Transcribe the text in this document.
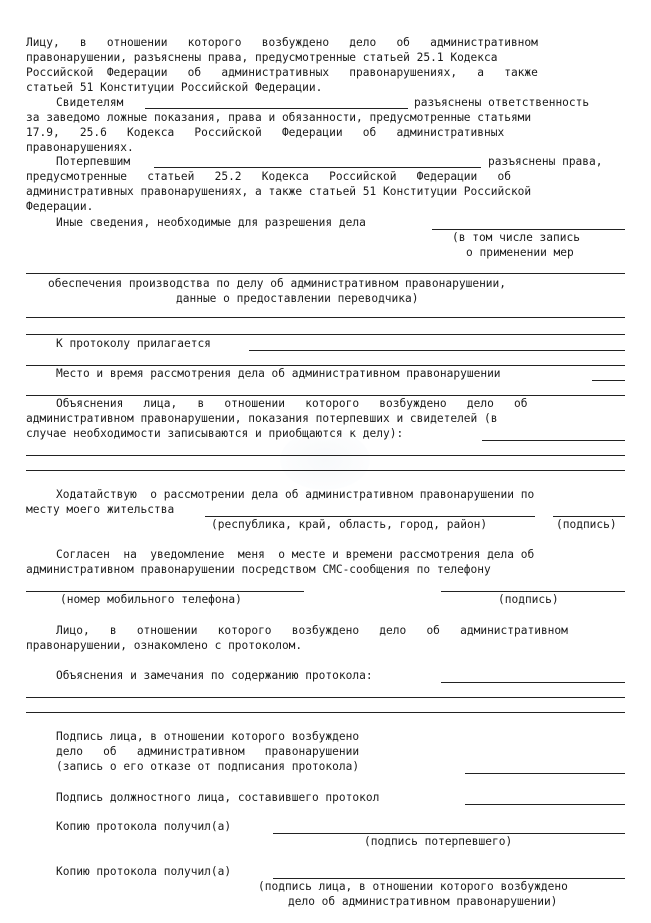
Лицу,   в   отношении   которого   возбуждено   дело   об   административном
правонарушении, разъяснены права, предусмотренные статьей 25.1 Кодекса
Российской  Федерации   об   административных   правонарушениях,   а   также
статьей 51 Конституции Российской Федерации.
Свидетелям	разъяснены ответственность
за заведомо ложные показания, права и обязанности, предусмотренные статьями
17.9,   25.6   Кодекса   Российской   Федерации   об   административных
правонарушениях.
Потерпевшим	разъяснены права,
предусмотренные   статьей   25.2   Кодекса   Российской   Федерации   об
административных правонарушениях, а также статьей 51 Конституции Российской
Федерации.
Иные сведения, необходимые для разрешения дела
(в том числе запись
о применении мер
обеспечения производства по делу об административном правонарушении,
данные о предоставлении переводчика)
К протоколу прилагается
Место и время рассмотрения дела об административном правонарушении
Объяснения   лица,   в   отношении   которого   возбуждено   дело   об
административном правонарушении, показания потерпевших и свидетелей (в
случае необходимости записываются и приобщаются к делу):
Ходатайствую  о рассмотрении дела об административном правонарушении по
месту моего жительства
(республика, край, область, город, район)	(подпись)
Согласен  на  уведомление  меня  о месте и времени рассмотрения дела об
административном правонарушении посредством СМС-сообщения по телефону
(номер мобильного телефона)	(подпись)
Лицо,   в   отношении   которого   возбуждено   дело   об   административном
правонарушении, ознакомлено с протоколом.
Объяснения и замечания по содержанию протокола:
Подпись лица, в отношении которого возбуждено
дело   об   административном   правонарушении
(запись о его отказе от подписания протокола)
Подпись должностного лица, составившего протокол
Копию протокола получил(а)
(подпись потерпевшего)
Копию протокола получил(а)
(подпись лица, в отношении которого возбуждено
дело об административном правонарушении)
